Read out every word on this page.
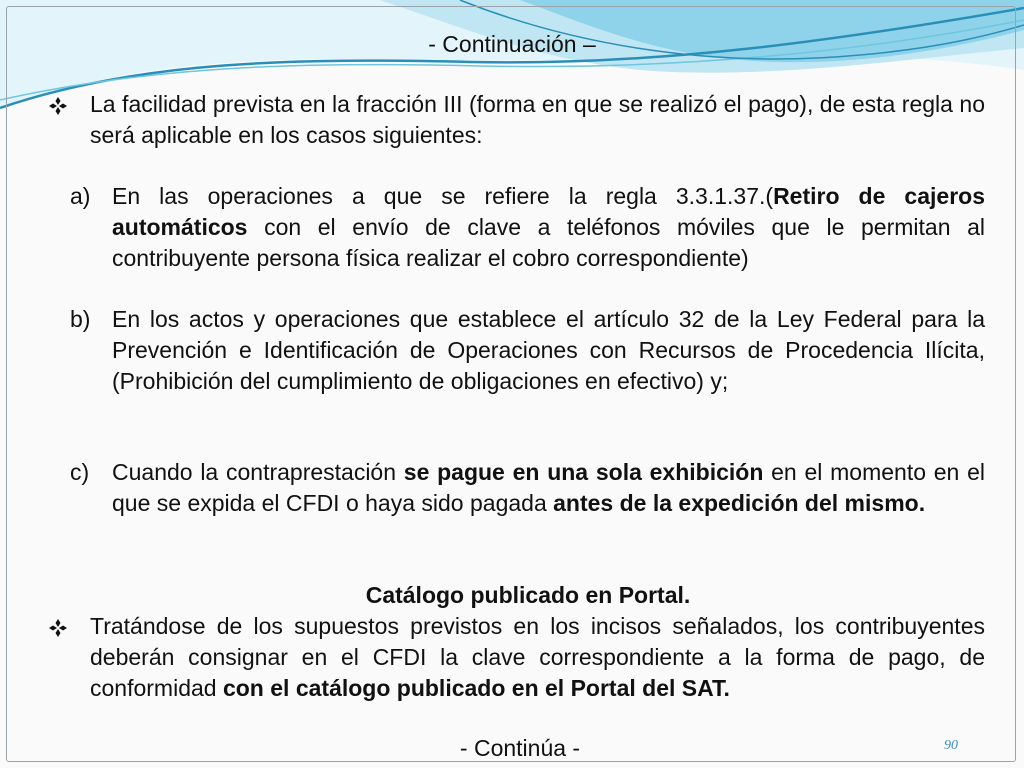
- Continuación –
La facilidad prevista en la fracción III (forma en que se realizó el pago), de esta regla no será aplicable en los casos siguientes:
a) En las operaciones a que se refiere la regla 3.3.1.37.(Retiro de cajeros automáticos con el envío de clave a teléfonos móviles que le permitan al contribuyente persona física realizar el cobro correspondiente)
b) En los actos y operaciones que establece el artículo 32 de la Ley Federal para la Prevención e Identificación de Operaciones con Recursos de Procedencia Ilícita, (Prohibición del cumplimiento de obligaciones en efectivo) y;
c) Cuando la contraprestación se pague en una sola exhibición en el momento en el que se expida el CFDI o haya sido pagada antes de la expedición del mismo.
Catálogo publicado en Portal.
Tratándose de los supuestos previstos en los incisos señalados, los contribuyentes deberán consignar en el CFDI la clave correspondiente a la forma de pago, de conformidad con el catálogo publicado en el Portal del SAT.
- Continúa -	90
